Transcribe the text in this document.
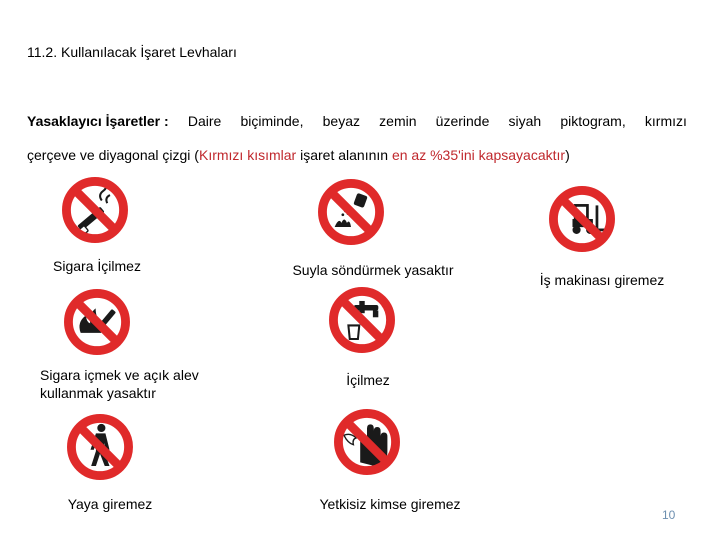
11.2. Kullanılacak İşaret Levhaları
Yasaklayıcı İşaretler : Daire biçiminde, beyaz zemin üzerinde siyah piktogram, kırmızı
çerçeve ve diyagonal çizgi (Kırmızı kısımlar işaret alanının en az %35'ini kapsayacaktır)
Sigara İçilmez	Suyla söndürmek yasaktır
İş makinası giremez
Sigara içmek ve açık alev kullanmak yasaktır
İçilmez
Yaya giremez	Yetkisiz kimse giremez
10
